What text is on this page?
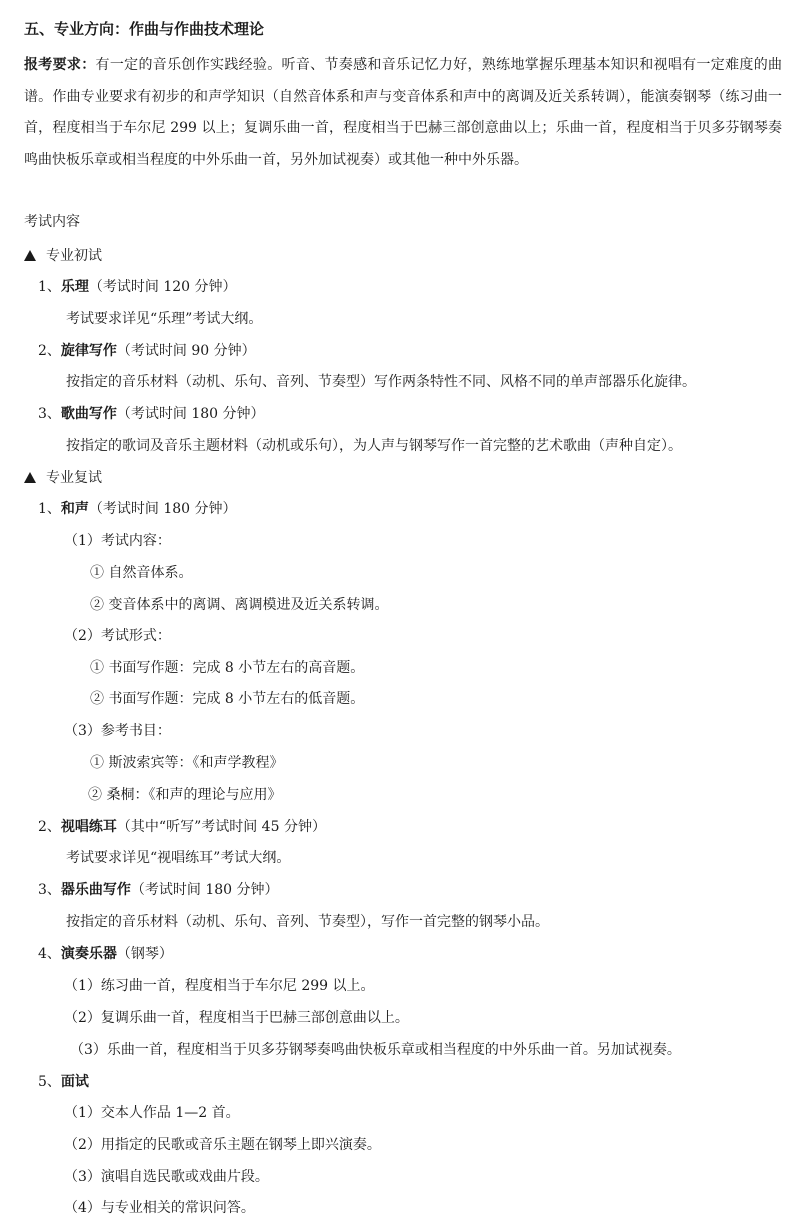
五、专业方向：作曲与作曲技术理论
报考要求：有一定的音乐创作实践经验。听音、节奏感和音乐记忆力好，熟练地掌握乐理基本知识和视唱有一定难度的曲谱。作曲专业要求有初步的和声学知识（自然音体系和声与变音体系和声中的离调及近关系转调），能演奏钢琴（练习曲一首，程度相当于车尔尼 299 以上；复调乐曲一首，程度相当于巴赫三部创意曲以上；乐曲一首，程度相当于贝多芬钢琴奏鸣曲快板乐章或相当程度的中外乐曲一首，另外加试视奏）或其他一种中外乐器。
考试内容
专业初试
1、乐理（考试时间 120 分钟）
考试要求详见“乐理”考试大纲。
2、旋律写作（考试时间 90 分钟）
按指定的音乐材料（动机、乐句、音列、节奏型）写作两条特性不同、风格不同的单声部器乐化旋律。
3、歌曲写作（考试时间 180 分钟）
按指定的歌词及音乐主题材料（动机或乐句），为人声与钢琴写作一首完整的艺术歌曲（声种自定）。
专业复试
1、和声（考试时间 180 分钟）
（1）考试内容：
① 自然音体系。
② 变音体系中的离调、离调模进及近关系转调。
（2）考试形式：
① 书面写作题：完成 8 小节左右的高音题。
② 书面写作题：完成 8 小节左右的低音题。
（3）参考书目：
① 斯波索宾等：《和声学教程》
② 桑桐：《和声的理论与应用》
2、视唱练耳（其中“听写”考试时间 45 分钟）
考试要求详见“视唱练耳”考试大纲。
3、器乐曲写作（考试时间 180 分钟）
按指定的音乐材料（动机、乐句、音列、节奏型），写作一首完整的钢琴小品。
4、演奏乐器（钢琴）
（1）练习曲一首，程度相当于车尔尼 299 以上。
（2）复调乐曲一首，程度相当于巴赫三部创意曲以上。
（3）乐曲一首，程度相当于贝多芬钢琴奏鸣曲快板乐章或相当程度的中外乐曲一首。另加试视奏。
5、面试
（1）交本人作品 1—2 首。
（2）用指定的民歌或音乐主题在钢琴上即兴演奏。
（3）演唱自选民歌或戏曲片段。
（4）与专业相关的常识问答。
